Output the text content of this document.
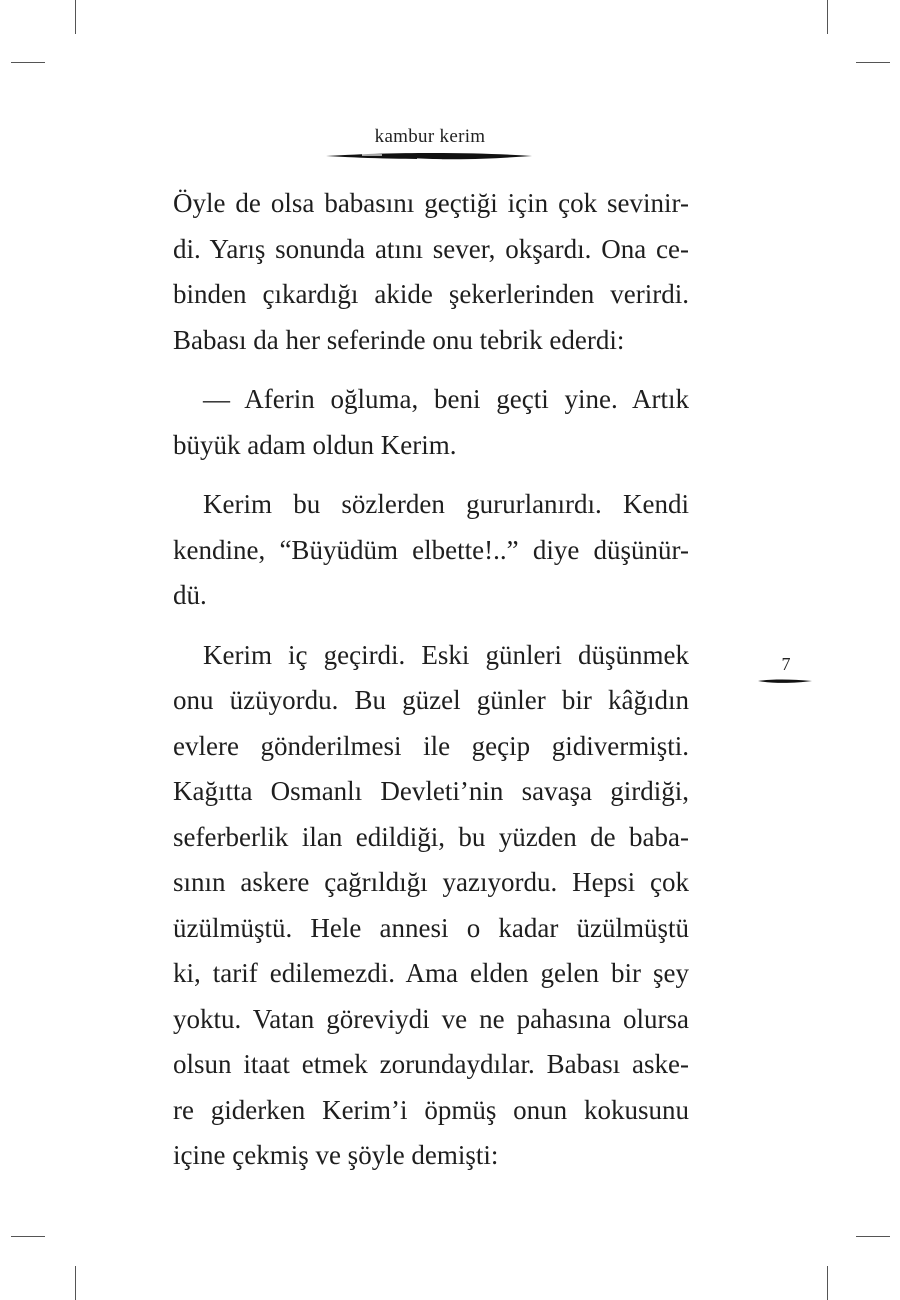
kambur kerim
7
Öyle de olsa babasını geçtiği için çok sevinir-
di. Yarış sonunda atını sever, okşardı. Ona ce-
binden çıkardığı akide şekerlerinden verirdi.
Babası da her seferinde onu tebrik ederdi:
— Aferin oğluma, beni geçti yine. Artık
büyük adam oldun Kerim.
Kerim bu sözlerden gururlanırdı. Kendi
kendine, “Büyüdüm elbette!..” diye düşünür-
dü.
Kerim iç geçirdi. Eski günleri düşünmek
onu üzüyordu. Bu güzel günler bir kâğıdın
evlere gönderilmesi ile geçip gidivermişti.
Kağıtta Osmanlı Devleti’nin savaşa girdiği,
seferberlik ilan edildiği, bu yüzden de baba-
sının askere çağrıldığı yazıyordu. Hepsi çok
üzülmüştü. Hele annesi o kadar üzülmüştü
ki, tarif edilemezdi. Ama elden gelen bir şey
yoktu. Vatan göreviydi ve ne pahasına olursa
olsun itaat etmek zorundaydılar. Babası aske-
re giderken Kerim’i öpmüş onun kokusunu
içine çekmiş ve şöyle demişti:
